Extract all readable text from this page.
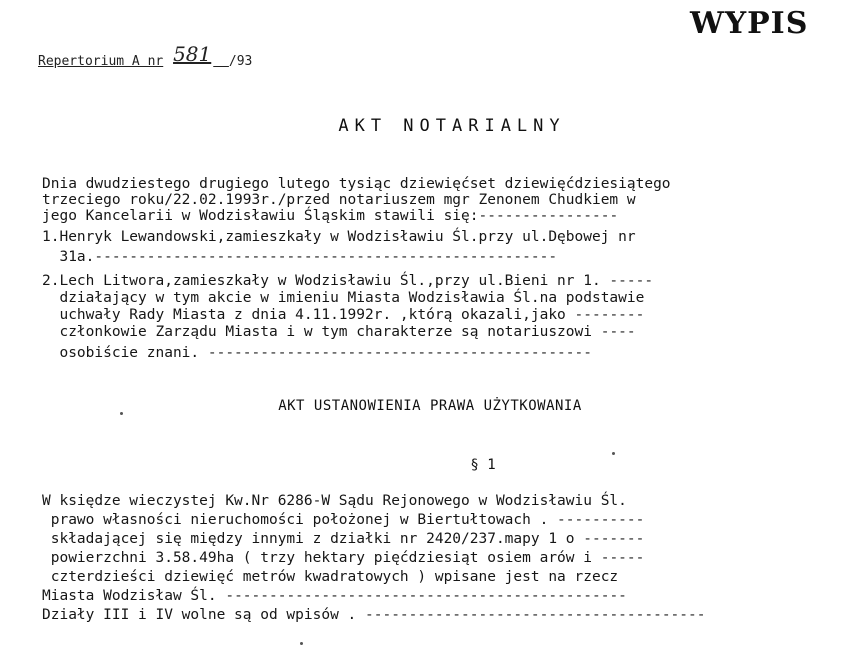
WYPIS
Repertorium A nr 581 /93
AKT NOTARIALNY
Dnia dwudziestego drugiego lutego tysiąc dziewięćset dziewięćdziesiątego
trzeciego roku/22.02.1993r./przed notariuszem mgr Zenonem Chudkiem w
jego Kancelarii w Wodzisławiu Śląskim stawili się:----------------
1.Henryk Lewandowski,zamieszkały w Wodzisławiu Śl.przy ul.Dębowej nr
31a.-----------------------------------------------------
2.Lech Litwora,zamieszkały w Wodzisławiu Śl.,przy ul.Bieni nr 1. -----
działający w tym akcie w imieniu Miasta Wodzisławia Śl.na podstawie
uchwały Rady Miasta z dnia 4.11.1992r. ,którą okazali,jako --------
członkowie Zarządu Miasta i w tym charakterze są notariuszowi ----
osobiście znani. --------------------------------------------
AKT USTANOWIENIA PRAWA UŻYTKOWANIA
§ 1
W księdze wieczystej Kw.Nr 6286-W Sądu Rejonowego w Wodzisławiu Śl.
prawo własności nieruchomości położonej w Biertułtowach . ----------
składającej się między innymi z działki nr 2420/237.mapy 1 o -------
powierzchni 3.58.49ha ( trzy hektary pięćdziesiąt osiem arów i -----
czterdzieści dziewięć metrów kwadratowych ) wpisane jest na rzecz
Miasta Wodzisław Śl. ----------------------------------------------
Działy III i IV wolne są od wpisów . ---------------------------------------
